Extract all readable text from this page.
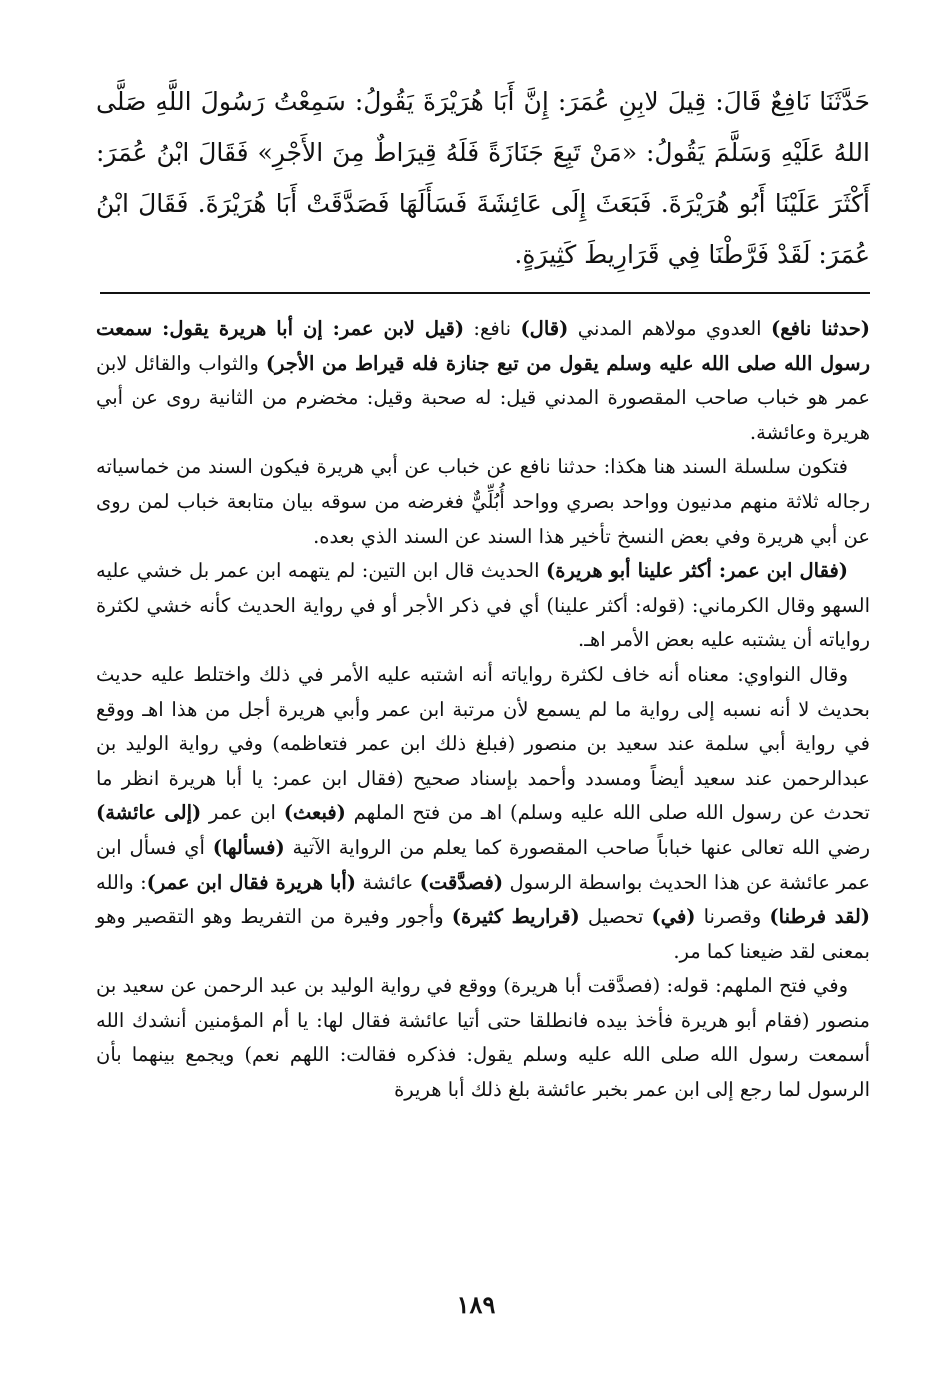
حَدَّثَنَا نَافِعٌ قَالَ: قِيلَ لابِنِ عُمَرَ: إِنَّ أَبَا هُرَيْرَةَ يَقُولُ: سَمِعْتُ رَسُولَ اللَّهِ صَلَّى اللهُ عَلَيْهِ وَسَلَّمَ يَقُولُ: «مَنْ تَبِعَ جَنَازَةً فَلَهُ قِيرَاطٌ مِنَ الأَجْرِ» فَقَالَ ابْنُ عُمَرَ: أَكْثَرَ عَلَيْنَا أَبُو هُرَيْرَةَ. فَبَعَثَ إِلَى عَائِشَةَ فَسَأَلَهَا فَصَدَّقَتْ أَبَا هُرَيْرَةَ. فَقَالَ ابْنُ عُمَرَ: لَقَدْ فَرَّطْنَا فِي قَرَارِيطَ كَثِيرَةٍ.

(حدثنا نافع) العدوي مولاهم المدني (قال) نافع: (قيل لابن عمر: إن أبا هريرة يقول: سمعت رسول الله صلى الله عليه وسلم يقول من تبع جنازة فله قيراط من الأجر) والثواب والقائل لابن عمر هو خباب صاحب المقصورة المدني قيل: له صحبة وقيل: مخضرم من الثانية روى عن أبي هريرة وعائشة.

فتكون سلسلة السند هنا هكذا: حدثنا نافع عن خباب عن أبي هريرة فيكون السند من خماسياته رجاله ثلاثة منهم مدنيون وواحد بصري وواحد أُبُلِّيٌّ فغرضه من سوقه بيان متابعة خباب لمن روى عن أبي هريرة وفي بعض النسخ تأخير هذا السند عن السند الذي بعده.

(فقال ابن عمر: أكثر علينا أبو هريرة) الحديث قال ابن التين: لم يتهمه ابن عمر بل خشي عليه السهو وقال الكرماني: (قوله: أكثر علينا) أي في ذكر الأجر أو في رواية الحديث كأنه خشي لكثرة رواياته أن يشتبه عليه بعض الأمر اهـ.

وقال النواوي: معناه أنه خاف لكثرة رواياته أنه اشتبه عليه الأمر في ذلك واختلط عليه حديث بحديث لا أنه نسبه إلى رواية ما لم يسمع لأن مرتبة ابن عمر وأبي هريرة أجل من هذا اهـ ووقع في رواية أبي سلمة عند سعيد بن منصور (فبلغ ذلك ابن عمر فتعاظمه) وفي رواية الوليد بن عبدالرحمن عند سعيد أيضاً ومسدد وأحمد بإسناد صحيح (فقال ابن عمر: يا أبا هريرة انظر ما تحدث عن رسول الله صلى الله عليه وسلم) اهـ من فتح الملهم (فبعث) ابن عمر (إلى عائشة) رضي الله تعالى عنها خباباً صاحب المقصورة كما يعلم من الرواية الآتية (فسألها) أي فسأل ابن عمر عائشة عن هذا الحديث بواسطة الرسول (فصدَّقت) عائشة (أبا هريرة فقال ابن عمر): والله (لقد فرطنا) وقصرنا (في) تحصيل (قراريط كثيرة) وأجور وفيرة من التفريط وهو التقصير وهو بمعنى لقد ضيعنا كما مر.

وفي فتح الملهم: قوله: (فصدَّقت أبا هريرة) ووقع في رواية الوليد بن عبد الرحمن عن سعيد بن منصور (فقام أبو هريرة فأخذ بيده فانطلقا حتى أتيا عائشة فقال لها: يا أم المؤمنين أنشدك الله أسمعت رسول الله صلى الله عليه وسلم يقول: فذكره فقالت: اللهم نعم) ويجمع بينهما بأن الرسول لما رجع إلى ابن عمر بخبر عائشة بلغ ذلك أبا هريرة

١٨٩
